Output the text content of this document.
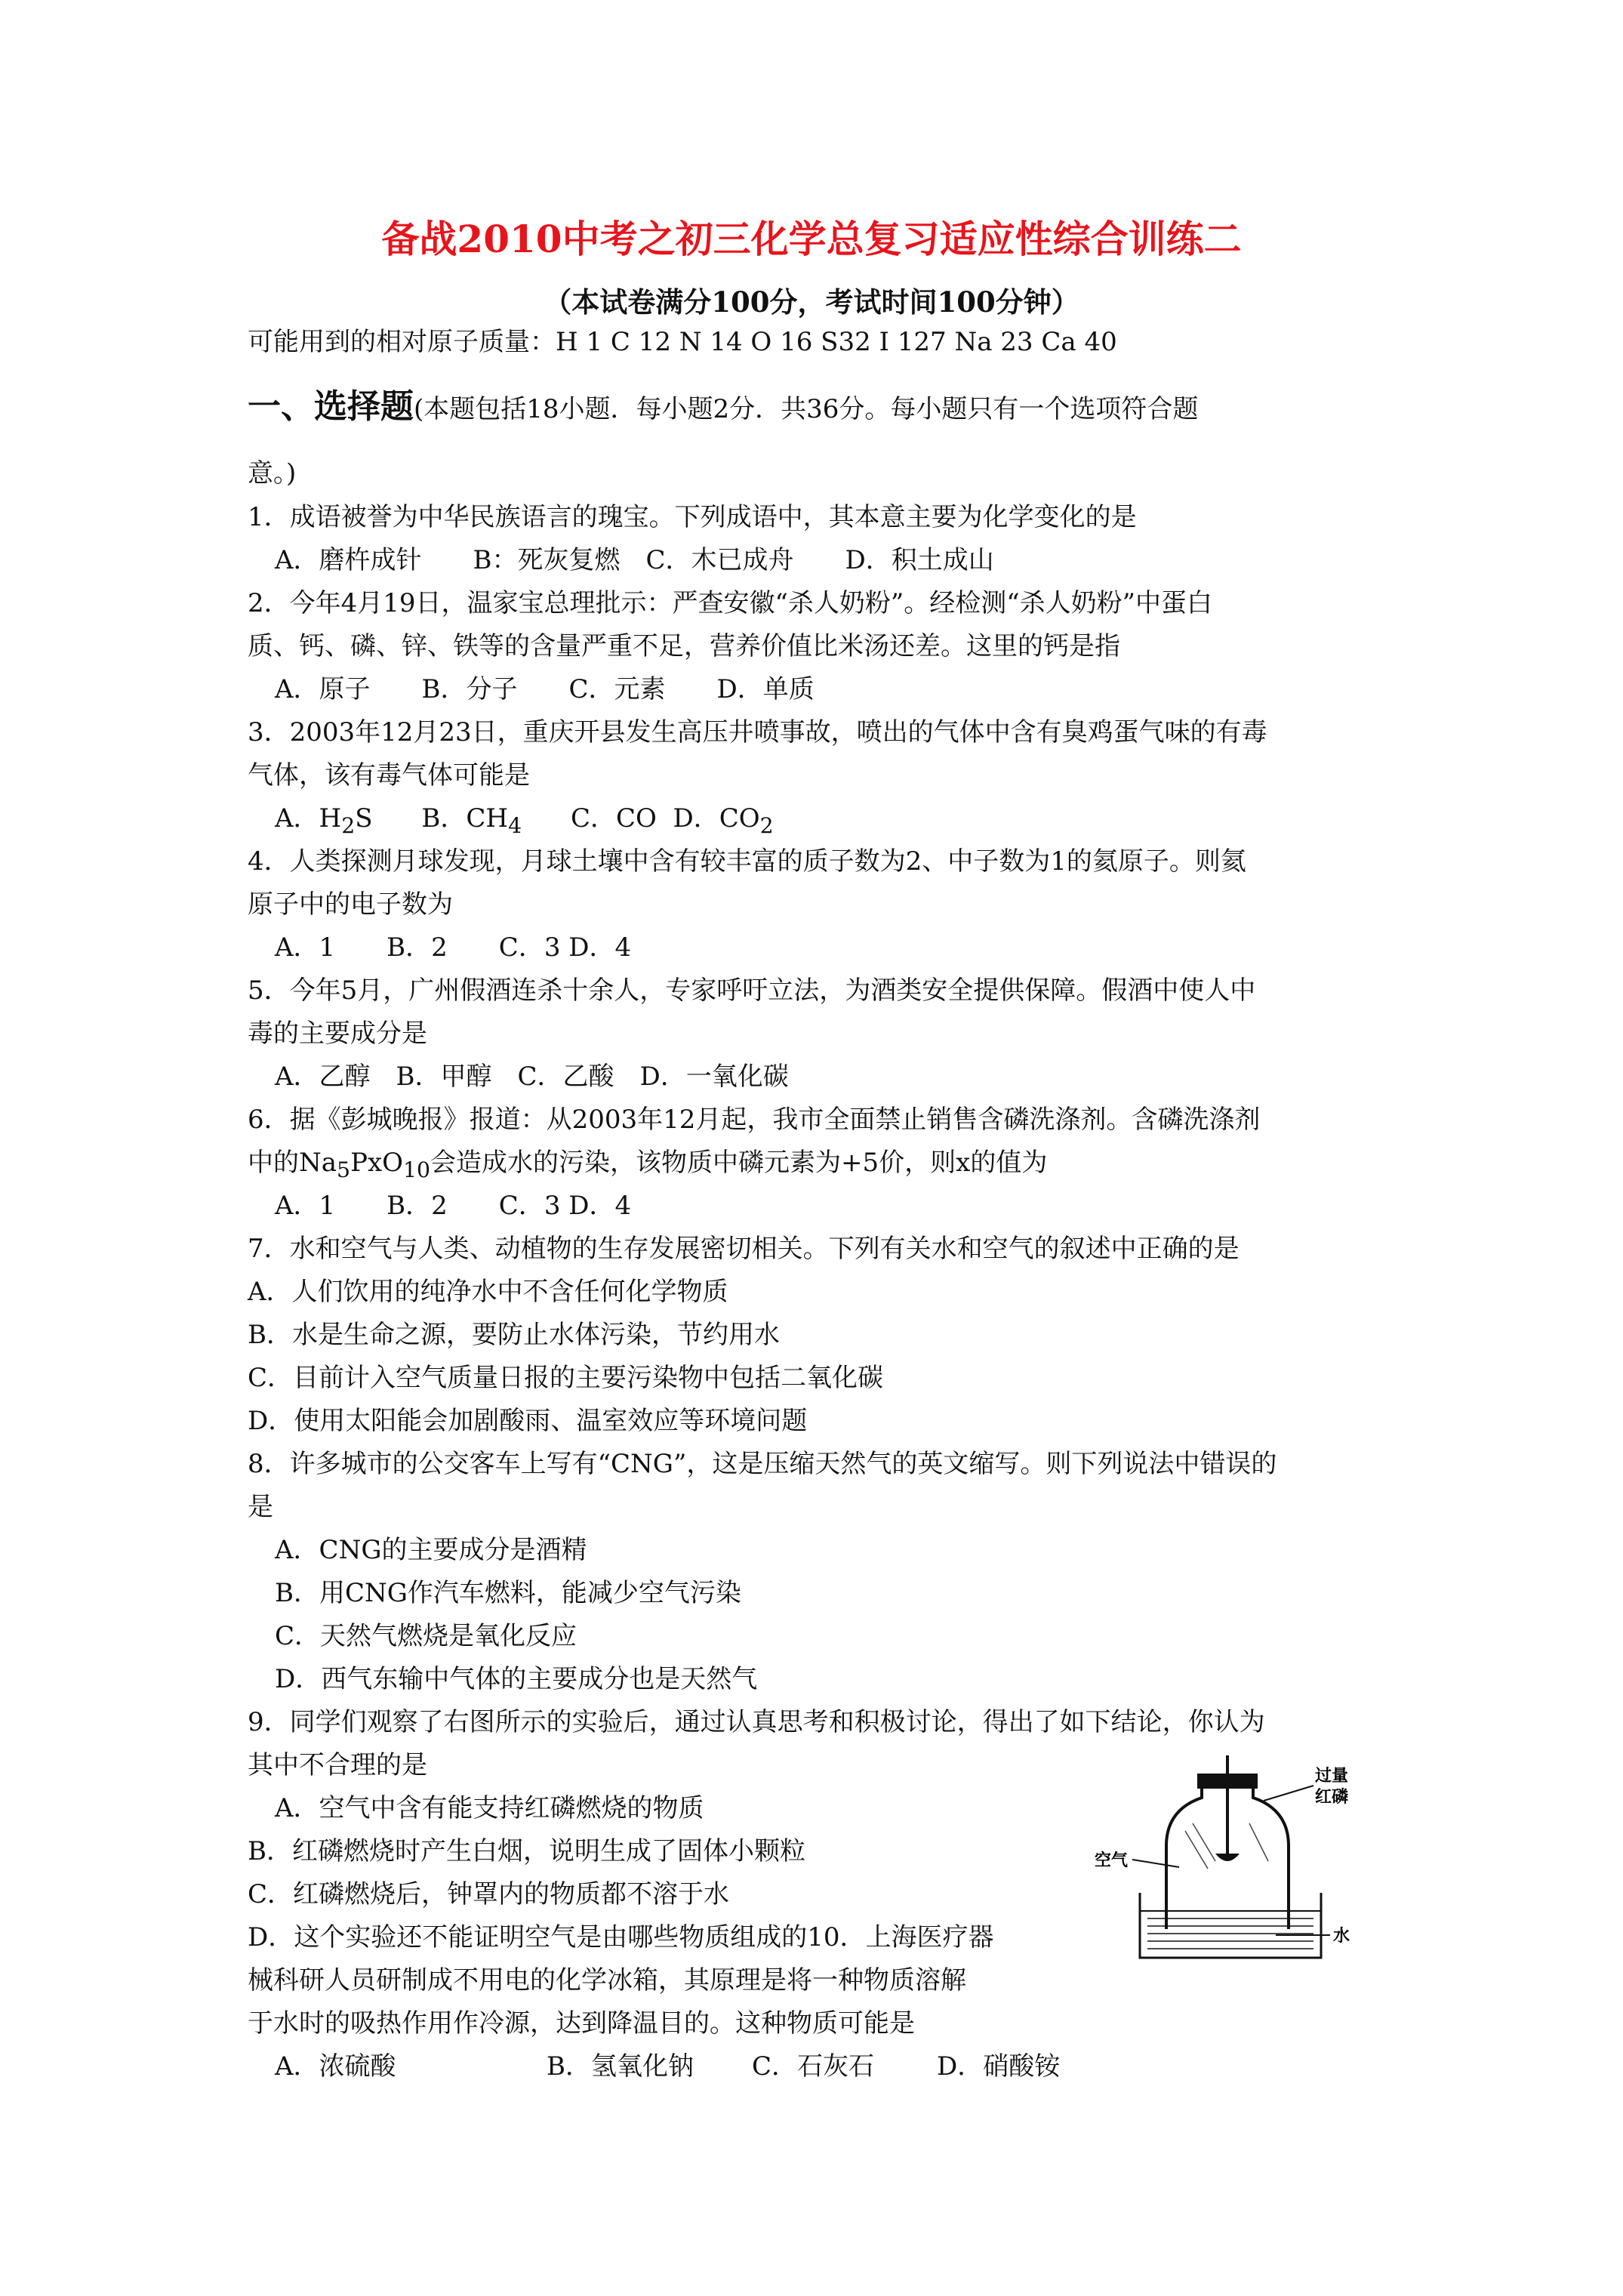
备战2010中考之初三化学总复习适应性综合训练二
（本试卷满分100分，考试时间100分钟）
可能用到的相对原子质量：H 1 C 12 N 14 O 16 S32 I 127 Na 23 Ca 40
一、选择题(本题包括18小题．每小题2分．共36分。每小题只有一个选项符合题
意。)
1．成语被誉为中华民族语言的瑰宝。下列成语中，其本意主要为化学变化的是
A．磨杵成针　　B：死灰复燃　C．木已成舟　　D．积土成山
2．今年4月19日，温家宝总理批示：严查安徽“杀人奶粉”。经检测“杀人奶粉”中蛋白
质、钙、磷、锌、铁等的含量严重不足，营养价值比米汤还差。这里的钙是指
A．原子　　B．分子　　C．元素　　D．单质
3．2003年12月23日，重庆开县发生高压井喷事故，喷出的气体中含有臭鸡蛋气味的有毒
气体，该有毒气体可能是
A．$H_2S$ B．$CH_4$ C．CO D．$CO_2$
4．人类探测月球发现，月球土壤中含有较丰富的质子数为2、中子数为1的氦原子。则氦
原子中的电子数为
A．1　　B．2　　C．3 D．4
5．今年5月，广州假酒连杀十余人，专家呼吁立法，为酒类安全提供保障。假酒中使人中
毒的主要成分是
A．乙醇　B．甲醇　C．乙酸　D．一氧化碳
6．据《彭城晚报》报道：从2003年12月起，我市全面禁止销售含磷洗涤剂。含磷洗涤剂
中的$Na_5PxO_{10}$会造成水的污染，该物质中磷元素为+5价，则x的值为
A．1　　B．2　　C．3 D．4
7．水和空气与人类、动植物的生存发展密切相关。下列有关水和空气的叙述中正确的是
A．人们饮用的纯净水中不含任何化学物质
B．水是生命之源，要防止水体污染，节约用水
C．目前计入空气质量日报的主要污染物中包括二氧化碳
D．使用太阳能会加剧酸雨、温室效应等环境问题
8．许多城市的公交客车上写有“CNG”，这是压缩天然气的英文缩写。则下列说法中错误的
是
A．CNG的主要成分是酒精
B．用CNG作汽车燃料，能减少空气污染
C．天然气燃烧是氧化反应
D．西气东输中气体的主要成分也是天然气
9．同学们观察了右图所示的实验后，通过认真思考和积极讨论，得出了如下结论，你认为
其中不合理的是
A．空气中含有能支持红磷燃烧的物质
B．红磷燃烧时产生白烟，说明生成了固体小颗粒
C．红磷燃烧后，钟罩内的物质都不溶于水
D．这个实验还不能证明空气是由哪些物质组成的10．上海医疗器
械科研人员研制成不用电的化学冰箱，其原理是将一种物质溶解
于水时的吸热作用作冷源，达到降温目的。这种物质可能是
A．浓硫酸	B．氢氧化钠 C．石灰石 D．硝酸铵
过量
红磷
空气
水
